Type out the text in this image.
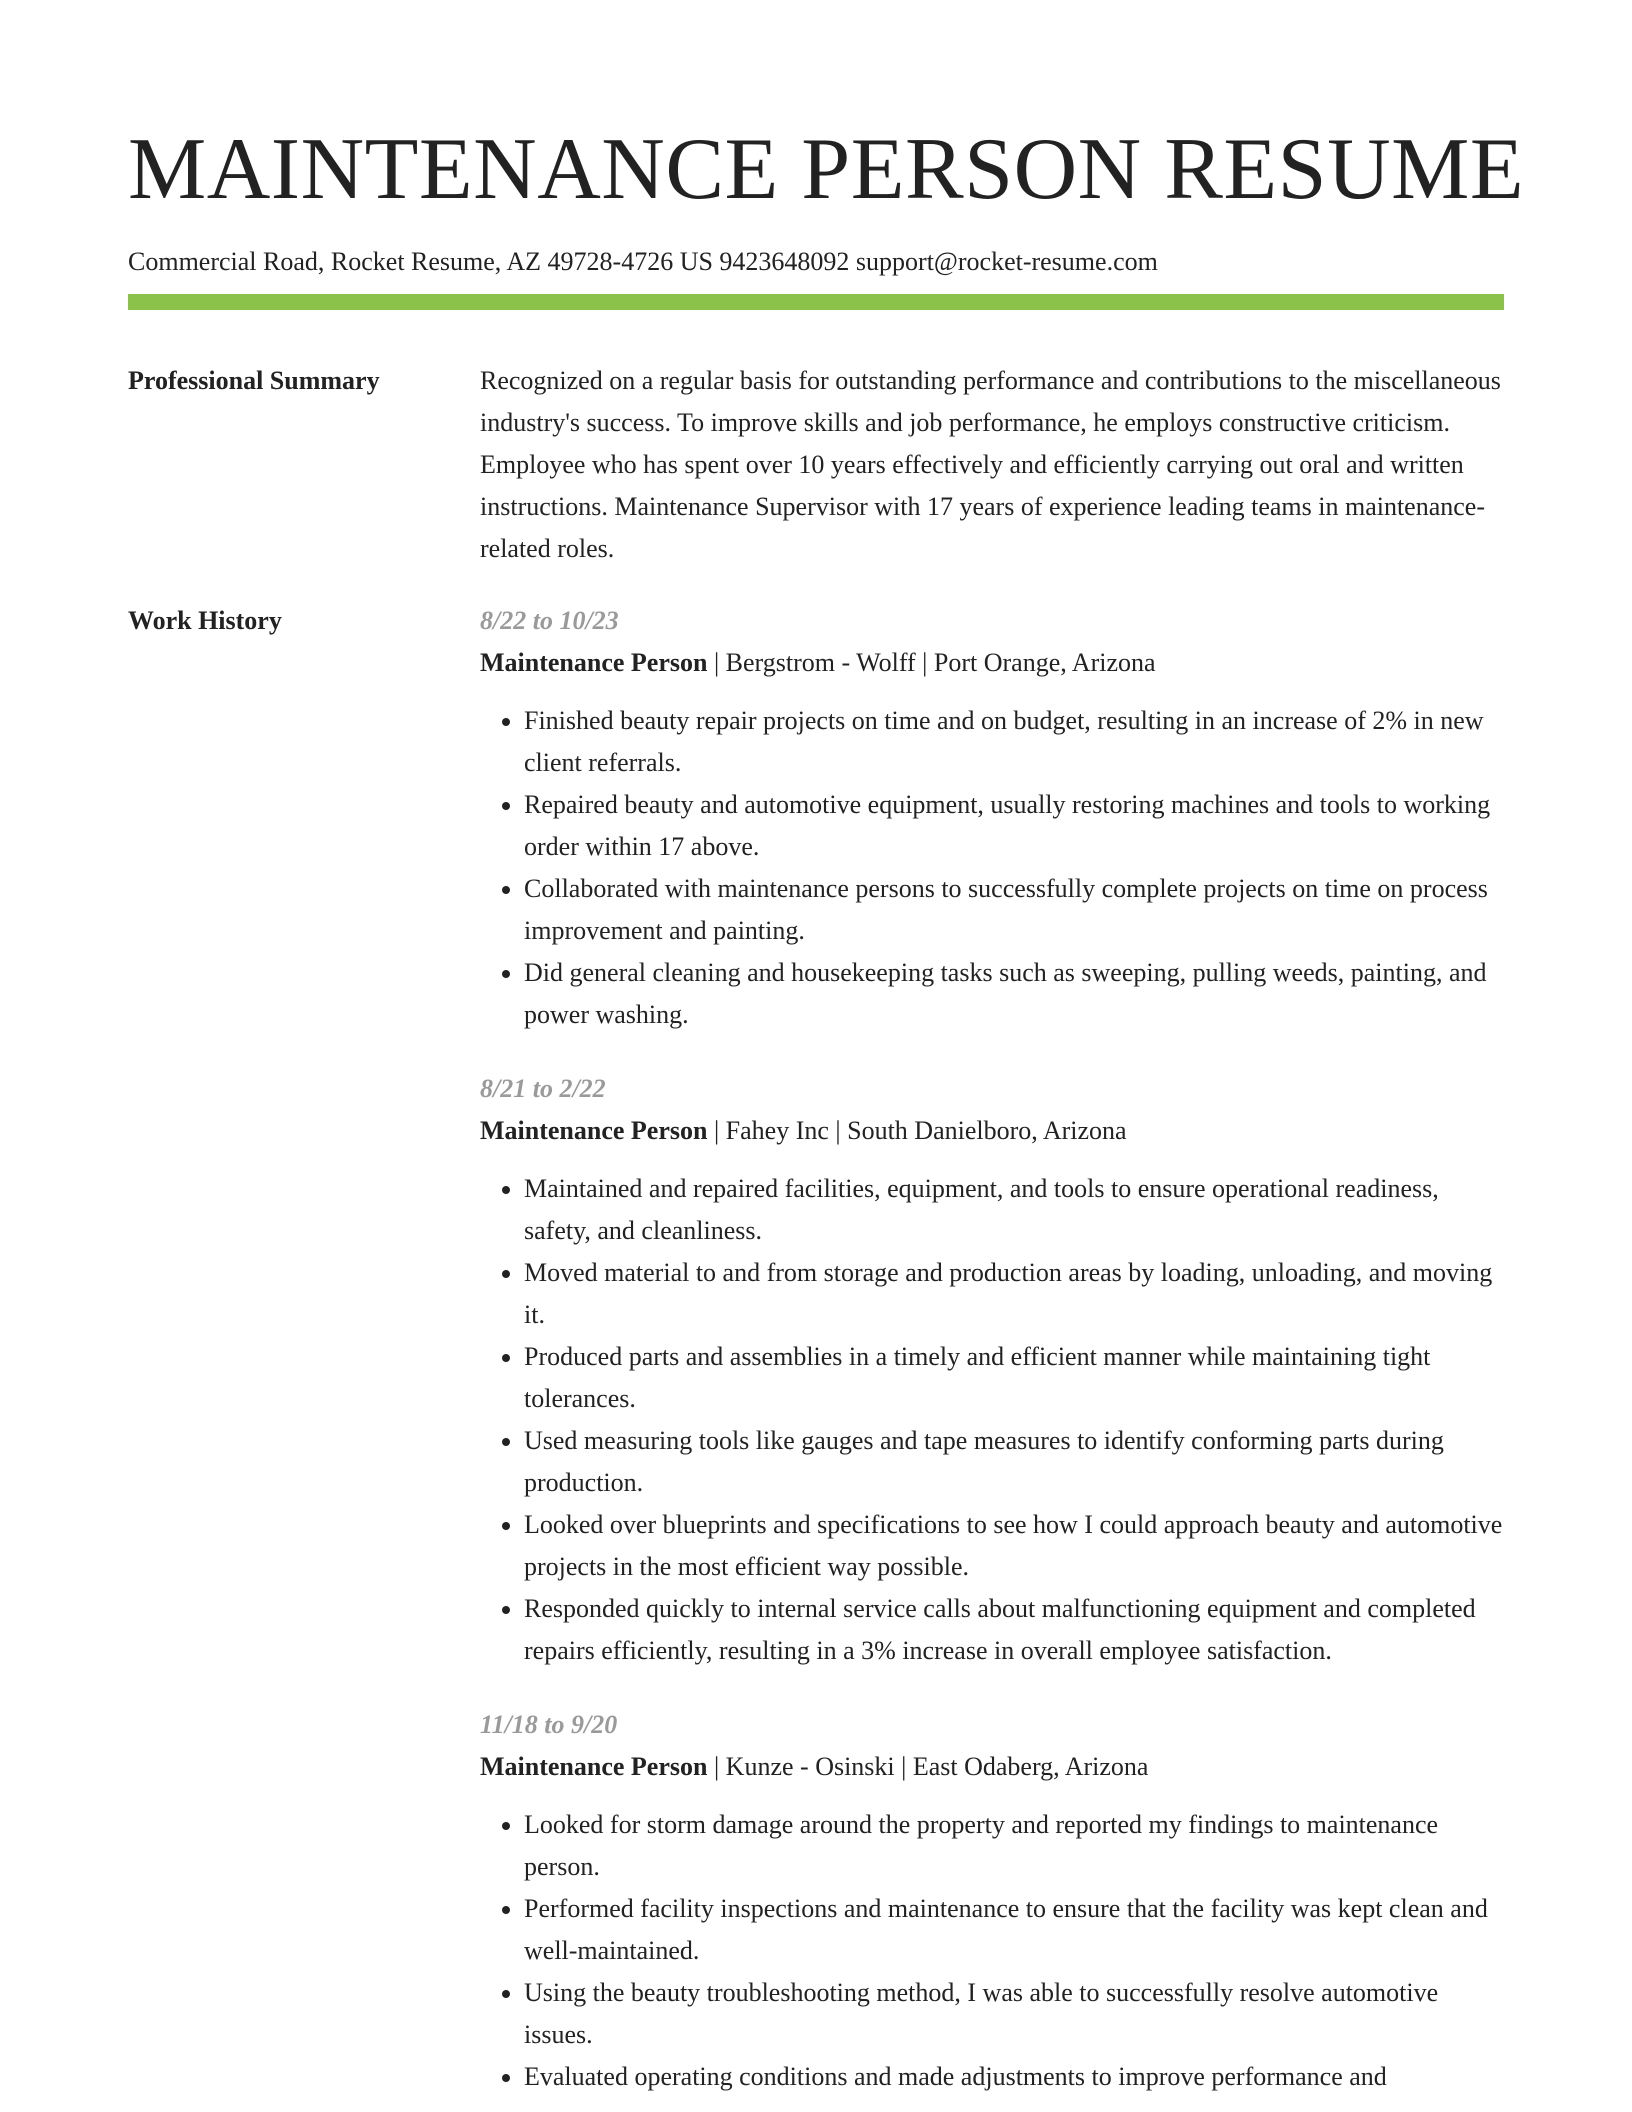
MAINTENANCE PERSON RESUME
Commercial Road, Rocket Resume, AZ 49728-4726 US 9423648092 support@rocket-resume.com
Professional Summary	Recognized on a regular basis for outstanding performance and contributions to the miscellaneous industry's success. To improve skills and job performance, he employs constructive criticism. Employee who has spent over 10 years effectively and efficiently carrying out oral and written instructions. Maintenance Supervisor with 17 years of experience leading teams in maintenance-related roles.

Work History	8/22 to 10/23
Maintenance Person | Bergstrom - Wolff | Port Orange, Arizona
• Finished beauty repair projects on time and on budget, resulting in an increase of 2% in new client referrals.
• Repaired beauty and automotive equipment, usually restoring machines and tools to working order within 17 above.
• Collaborated with maintenance persons to successfully complete projects on time on process improvement and painting.
• Did general cleaning and housekeeping tasks such as sweeping, pulling weeds, painting, and power washing.
8/21 to 2/22
Maintenance Person | Fahey Inc | South Danielboro, Arizona
• Maintained and repaired facilities, equipment, and tools to ensure operational readiness, safety, and cleanliness.
• Moved material to and from storage and production areas by loading, unloading, and moving it.
• Produced parts and assemblies in a timely and efficient manner while maintaining tight tolerances.
• Used measuring tools like gauges and tape measures to identify conforming parts during production.
• Looked over blueprints and specifications to see how I could approach beauty and automotive projects in the most efficient way possible.
• Responded quickly to internal service calls about malfunctioning equipment and completed repairs efficiently, resulting in a 3% increase in overall employee satisfaction.
11/18 to 9/20
Maintenance Person | Kunze - Osinski | East Odaberg, Arizona
• Looked for storm damage around the property and reported my findings to maintenance person.
• Performed facility inspections and maintenance to ensure that the facility was kept clean and well-maintained.
• Using the beauty troubleshooting method, I was able to successfully resolve automotive issues.
• Evaluated operating conditions and made adjustments to improve performance and
